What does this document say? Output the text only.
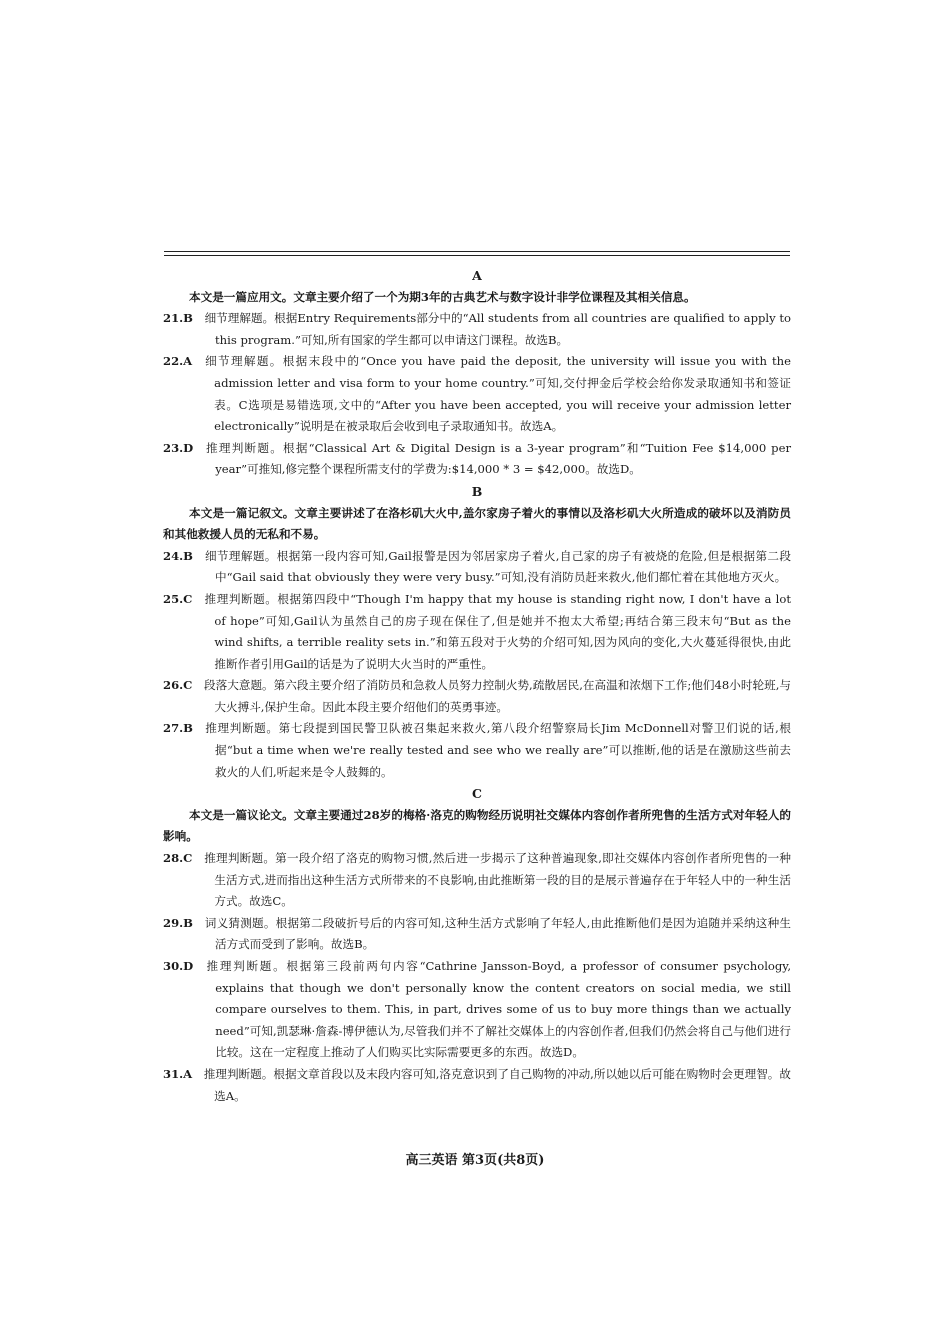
A

本文是一篇应用文。文章主要介绍了一个为期3年的古典艺术与数字设计非学位课程及其相关信息。

21.B
  细节理解题。根据Entry Requirements部分中的“All students from all countries are qualified to apply to this program.”可知,所有国家的学生都可以申请这门课程。故选B。
22.A
  细节理解题。根据末段中的“Once you have paid the deposit, the university will issue you with the admission letter and visa form to your home country.”可知,交付押金后学校会给你发录取通知书和签证表。C选项是易错选项,文中的“After you have been accepted, you will receive your admission letter electronically”说明是在被录取后会收到电子录取通知书。故选A。
23.D
  推理判断题。根据“Classical Art & Digital Design is a 3-year program”和“Tuition Fee $14,000 per year”可推知,修完整个课程所需支付的学费为:$14,000 * 3 = $42,000。故选D。
B

本文是一篇记叙文。文章主要讲述了在洛杉矶大火中,盖尔家房子着火的事情以及洛杉矶大火所造成的破坏以及消防员和其他救援人员的无私和不易。

24.B
  细节理解题。根据第一段内容可知,Gail报警是因为邻居家房子着火,自己家的房子有被烧的危险,但是根据第二段中“Gail said that obviously they were very busy.”可知,没有消防员赶来救火,他们都忙着在其他地方灭火。
25.C
  推理判断题。根据第四段中“Though I'm happy that my house is standing right now, I don't have a lot of hope”可知,Gail认为虽然自己的房子现在保住了,但是她并不抱太大希望;再结合第三段末句“But as the wind shifts, a terrible reality sets in.”和第五段对于火势的介绍可知,因为风向的变化,大火蔓延得很快,由此推断作者引用Gail的话是为了说明大火当时的严重性。
26.C
  段落大意题。第六段主要介绍了消防员和急救人员努力控制火势,疏散居民,在高温和浓烟下工作;他们48小时轮班,与大火搏斗,保护生命。因此本段主要介绍他们的英勇事迹。
27.B
  推理判断题。第七段提到国民警卫队被召集起来救火,第八段介绍警察局长Jim McDonnell对警卫们说的话,根据“but a time when we're really tested and see who we really are”可以推断,他的话是在激励这些前去救火的人们,听起来是令人鼓舞的。
C

本文是一篇议论文。文章主要通过28岁的梅格·洛克的购物经历说明社交媒体内容创作者所兜售的生活方式对年轻人的影响。

28.C
  推理判断题。第一段介绍了洛克的购物习惯,然后进一步揭示了这种普遍现象,即社交媒体内容创作者所兜售的一种生活方式,进而指出这种生活方式所带来的不良影响,由此推断第一段的目的是展示普遍存在于年轻人中的一种生活方式。故选C。
29.B
  词义猜测题。根据第二段破折号后的内容可知,这种生活方式影响了年轻人,由此推断他们是因为追随并采纳这种生活方式而受到了影响。故选B。
30.D
  推理判断题。根据第三段前两句内容“Cathrine Jansson-Boyd, a professor of consumer psychology, explains that though we don't personally know the content creators on social media, we still compare ourselves to them. This, in part, drives some of us to buy more things than we actually need”可知,凯瑟琳·詹森-博伊德认为,尽管我们并不了解社交媒体上的内容创作者,但我们仍然会将自己与他们进行比较。这在一定程度上推动了人们购买比实际需要更多的东西。故选D。
31.A
  推理判断题。根据文章首段以及末段内容可知,洛克意识到了自己购物的冲动,所以她以后可能在购物时会更理智。故选A。
高三英语 第3页(共8页)
